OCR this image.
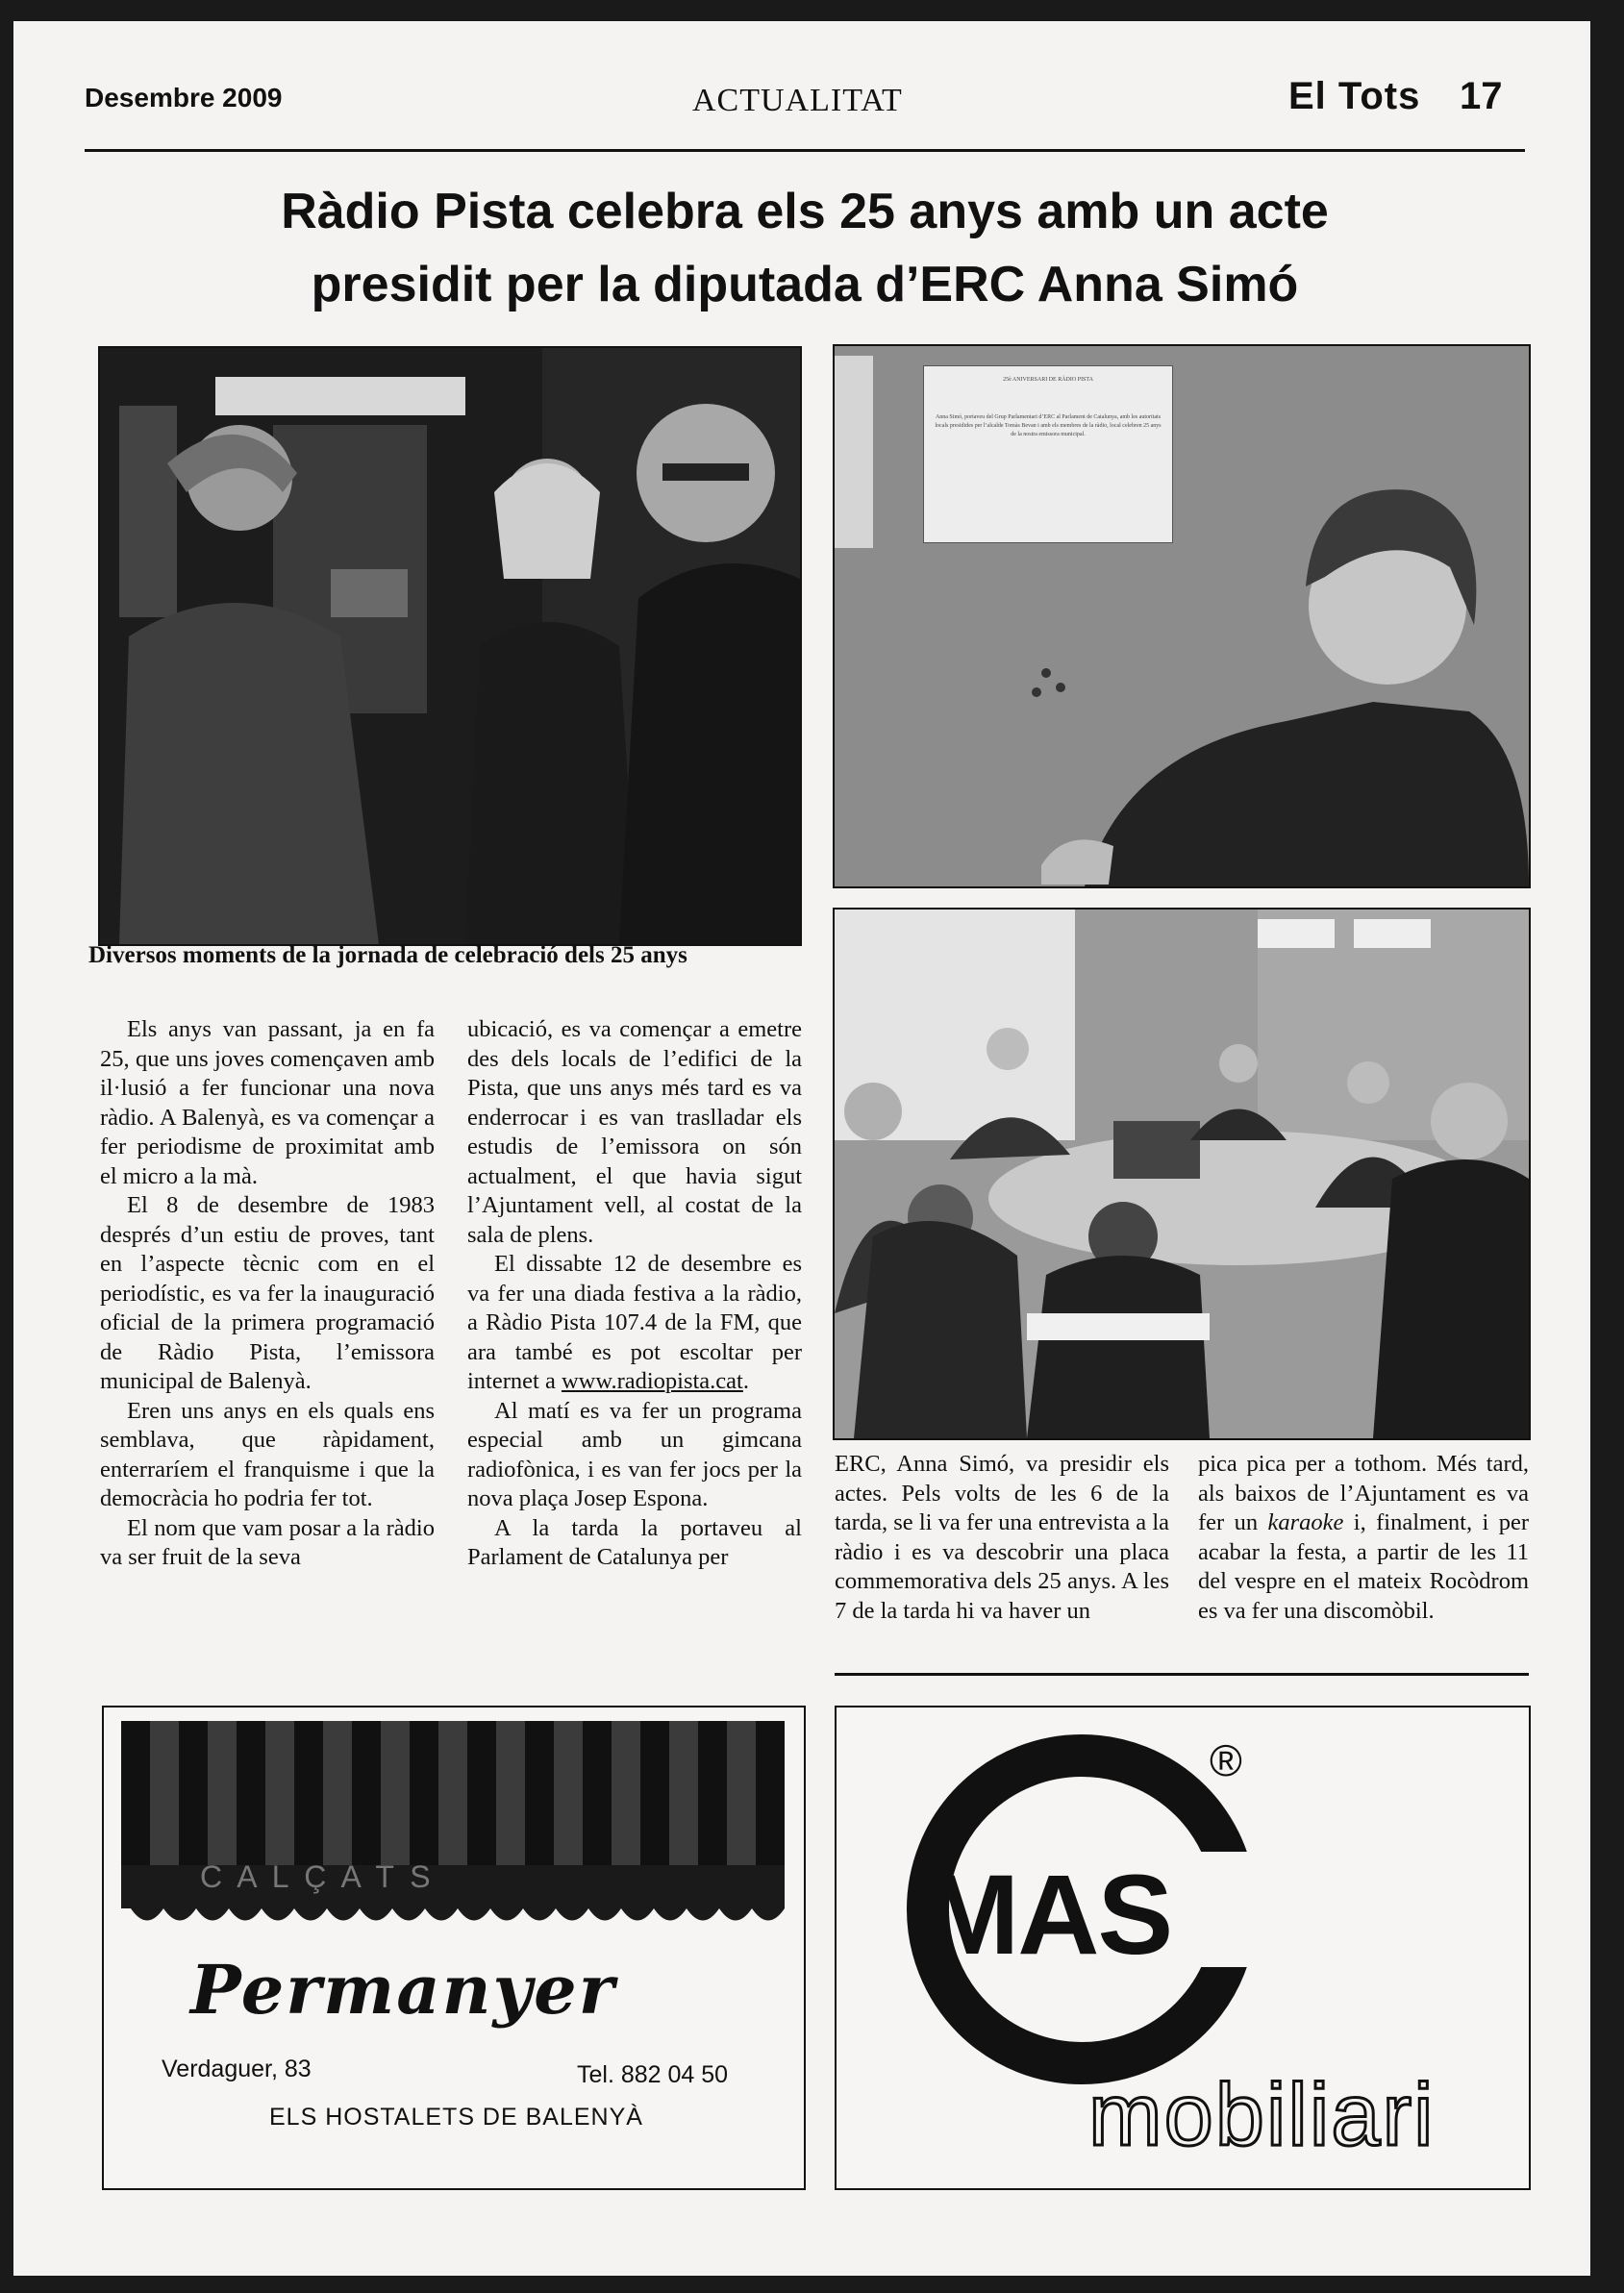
Desembre 2009	ACTUALITAT	El Tots 17
Ràdio Pista celebra els 25 anys amb un acte
presidit per la diputada d’ERC Anna Simó
25è ANIVERSARI DE RÀDIO PISTA
Anna Simó, portaveu del Grup Parlamentari d’ERC al Parlament de Catalunya, amb les autoritats locals presidides per l’alcalde Tomàs Bevan i amb els membres de la ràdio, local celebren 25 anys de la nostra emissora municipal.
Diversos moments de la jornada de celebració dels 25 anys

Els anys van passant, ja en fa 25, que uns joves començaven amb il·lusió a fer funcionar una nova ràdio. A Balenyà, es va començar a fer periodisme de proximitat amb el micro a la mà.

El 8 de desembre de 1983 després d’un estiu de proves, tant en l’aspecte tècnic com en el periodístic, es va fer la inauguració oficial de la primera programació de Ràdio Pista, l’emissora municipal de Balenyà.

Eren uns anys en els quals ens semblava, que ràpidament, enterraríem el franquisme i que la democràcia ho podria fer tot.

El nom que vam posar a la ràdio va ser fruit de la seva

ubicació, es va començar a emetre des dels locals de l’edifici de la Pista, que uns anys més tard es va enderrocar i es van traslladar els estudis de l’emissora on són actualment, el que havia sigut l’Ajuntament vell, al costat de la sala de plens.

El dissabte 12 de desembre es va fer una diada festiva a la ràdio, a Ràdio Pista 107.4 de la FM, que ara també es pot escoltar per internet a www.radiopista.cat.

Al matí es va fer un programa especial amb un gimcana radiofònica, i es van fer jocs per la nova plaça Josep Espona.

A la tarda la portaveu al Parlament de Catalunya per

ERC, Anna Simó, va presidir els actes. Pels volts de les 6 de la tarda, se li va fer una entrevista a la ràdio i es va descobrir una placa commemorativa dels 25 anys. A les 7 de la tarda hi va haver un

pica pica per a tothom. Més tard, als baixos de l’Ajuntament es va fer un karaoke i, finalment, i per acabar la festa, a partir de les 11 del vespre en el mateix Rocòdrom es va fer una discomòbil.

C A L Ç A T S
Permanyer
Verdaguer, 83	Tel. 882 04 50
ELS HOSTALETS DE BALENYÀ
MAS
®
mobiliari
